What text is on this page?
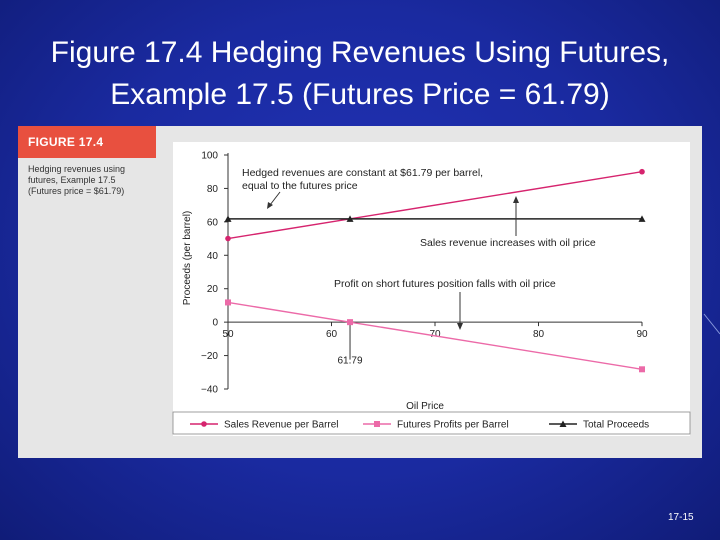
Figure 17.4 Hedging Revenues Using Futures,
Example 17.5 (Futures Price = 61.79)
FIGURE 17.4
Hedging revenues using
futures, Example 17.5
(Futures price = $61.79)
100
80
60
40
20
0
−20
−40
50	60	70	80	90
Oil Price
Proceeds (per barrel)
61.79
Hedged revenues are constant at $61.79 per barrel,
equal to the futures price
Sales revenue increases with oil price
Profit on short futures position falls with oil price
Sales Revenue per Barrel	Futures Profits per Barrel	Total Proceeds
17-15
